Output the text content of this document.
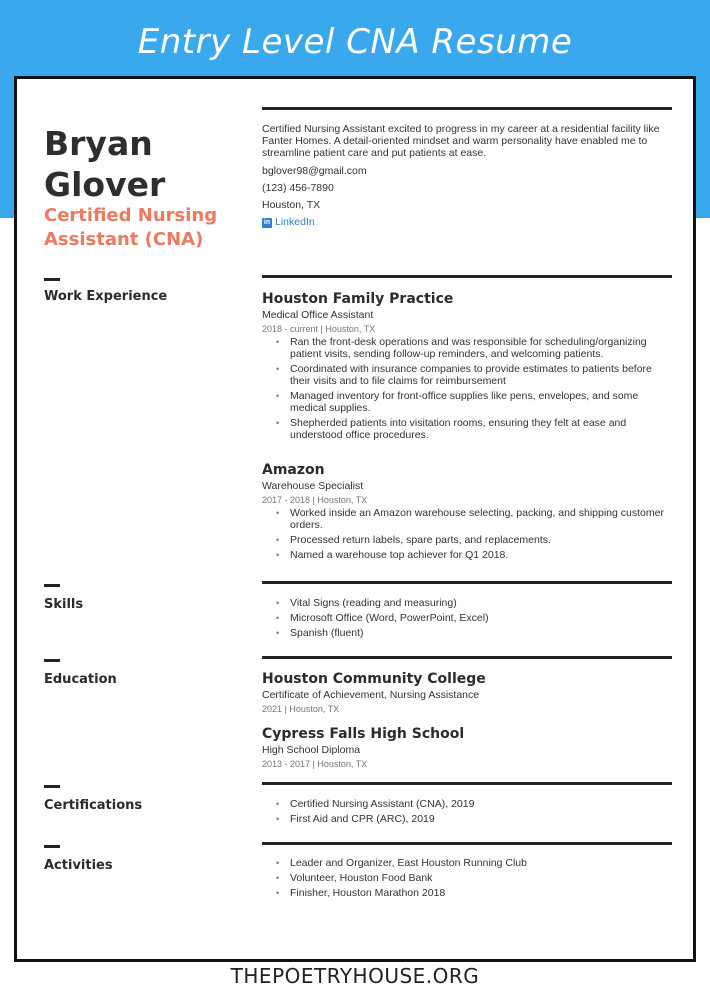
Entry Level CNA Resume
Bryan
Glover
Certified Nursing
Assistant (CNA)

Certified Nursing Assistant excited to progress in my career at a residential facility like Fanter Homes. A detail-oriented mindset and warm personality have enabled me to streamline patient care and put patients at ease.

bglover98@gmail.com
(123) 456-7890
Houston, TX
in LinkedIn
Work Experience	Houston Family Practice
Medical Office Assistant
2018 - current | Houston, TX
• Ran the front-desk operations and was responsible for scheduling/organizing patient visits, sending follow-up reminders, and welcoming patients.
• Coordinated with insurance companies to provide estimates to patients before their visits and to file claims for reimbursement
• Managed inventory for front-office supplies like pens, envelopes, and some medical supplies.
• Shepherded patients into visitation rooms, ensuring they felt at ease and understood office procedures.
Amazon
Warehouse Specialist
2017 - 2018 | Houston, TX
• Worked inside an Amazon warehouse selecting, packing, and shipping customer orders.
• Processed return labels, spare parts, and replacements.
• Named a warehouse top achiever for Q1 2018.
Skills	• Vital Signs (reading and measuring)
• Microsoft Office (Word, PowerPoint, Excel)
• Spanish (fluent)
Education	Houston Community College
Certificate of Achievement, Nursing Assistance
2021 | Houston, TX
Cypress Falls High School
High School Diploma
2013 - 2017 | Houston, TX
Certifications	• Certified Nursing Assistant (CNA), 2019
• First Aid and CPR (ARC), 2019
Activities	• Leader and Organizer, East Houston Running Club
• Volunteer, Houston Food Bank
• Finisher, Houston Marathon 2018
THEPOETRYHOUSE.ORG
